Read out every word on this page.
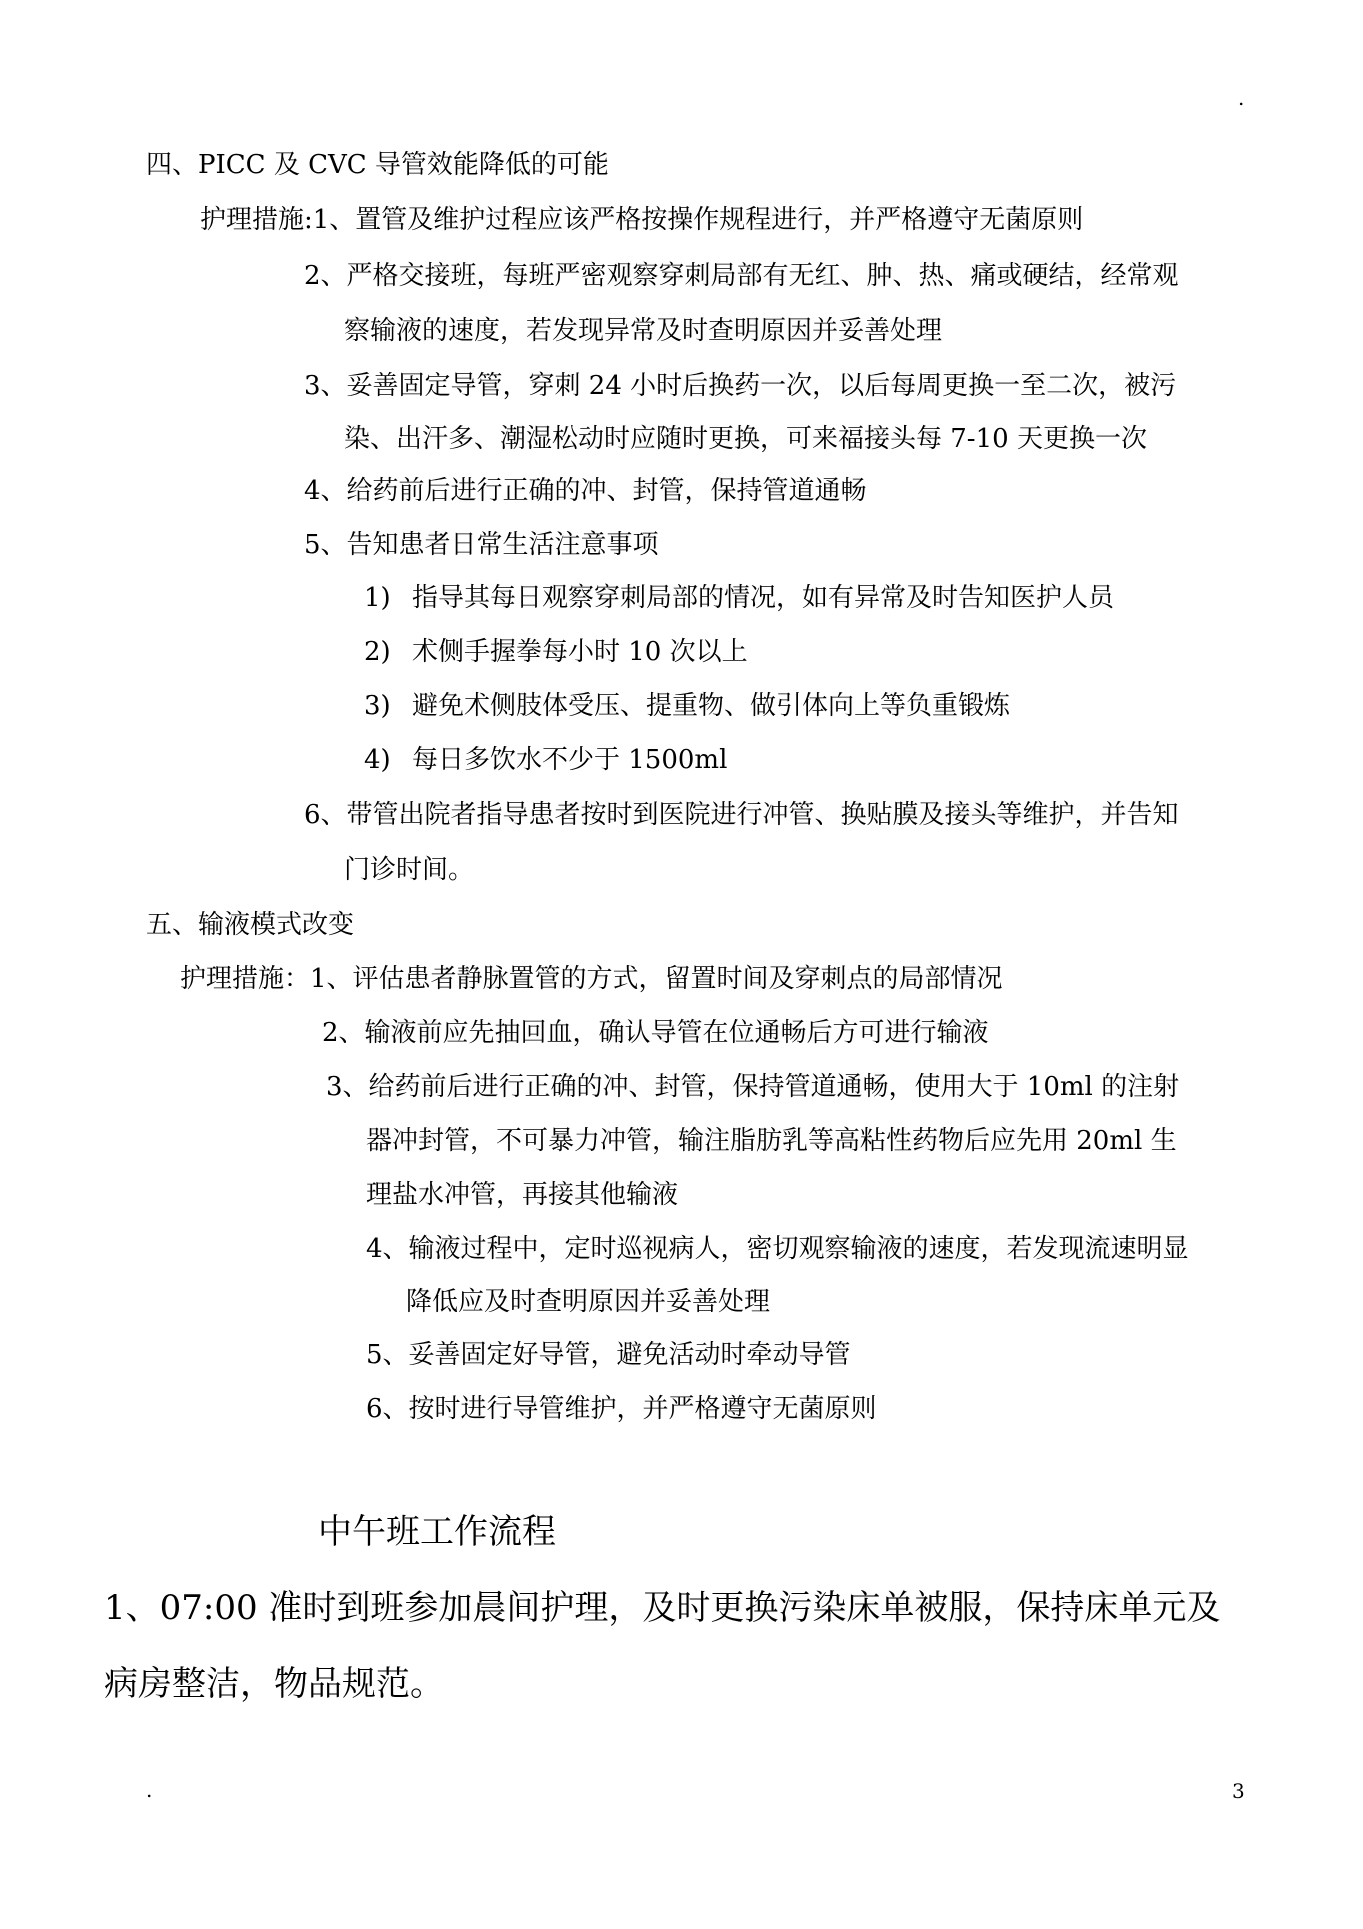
.
四、PICC 及 CVC 导管效能降低的可能
护理措施:1、置管及维护过程应该严格按操作规程进行，并严格遵守无菌原则
2、严格交接班，每班严密观察穿刺局部有无红、肿、热、痛或硬结，经常观
察输液的速度，若发现异常及时查明原因并妥善处理
3、妥善固定导管，穿刺 24 小时后换药一次，以后每周更换一至二次，被污
染、出汗多、潮湿松动时应随时更换，可来福接头每 7-10 天更换一次
4、给药前后进行正确的冲、封管，保持管道通畅
5、告知患者日常生活注意事项
1) 指导其每日观察穿刺局部的情况，如有异常及时告知医护人员
2) 术侧手握拳每小时 10 次以上
3) 避免术侧肢体受压、提重物、做引体向上等负重锻炼
4) 每日多饮水不少于 1500ml
6、带管出院者指导患者按时到医院进行冲管、换贴膜及接头等维护，并告知
门诊时间。
五、输液模式改变
护理措施：1、评估患者静脉置管的方式，留置时间及穿刺点的局部情况
2、输液前应先抽回血，确认导管在位通畅后方可进行输液
3、给药前后进行正确的冲、封管，保持管道通畅，使用大于 10ml 的注射
器冲封管，不可暴力冲管，输注脂肪乳等高粘性药物后应先用 20ml 生
理盐水冲管，再接其他输液
4、输液过程中，定时巡视病人，密切观察输液的速度，若发现流速明显
降低应及时查明原因并妥善处理
5、妥善固定好导管，避免活动时牵动导管
6、按时进行导管维护，并严格遵守无菌原则
中午班工作流程
1、07:00 准时到班参加晨间护理，及时更换污染床单被服，保持床单元及
病房整洁，物品规范。
.	3
